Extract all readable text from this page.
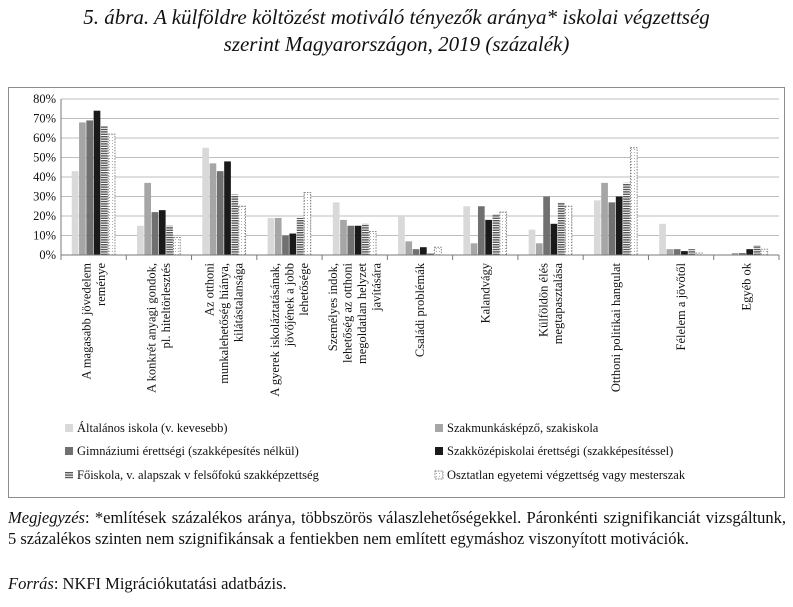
5. ábra. A külföldre költözést motiváló tényezők aránya* iskolai végzettség
szerint Magyarországon, 2019 (százalék)
0%
10%
20%
30%
40%
50%
60%
70%
80%
A magasabb jövedelem reménye	A konkrét anyagi gondok, pl. hiteltörlesztés Az otthoni munkalehetőség hiánya, kilátástalansága A gyerek iskoláztatásának, jövőjének a jobb lehetősége Személyes indok, lehetőség az otthoni megoldatlan helyzet javítására Családi problémák	Kalandvágy	Külföldön élés megtapasztalása	Otthoni politikai hangulat	Félelem a jövőtől	Egyéb ok
Általános iskola (v. kevesebb)	Szakmunkásképző, szakiskola
Gimnáziumi érettségi (szakképesítés nélkül)	Szakközépiskolai érettségi (szakképesítéssel)
Főiskola, v. alapszak v felsőfokú szakképzettség	Osztatlan egyetemi végzettség vagy mesterszak
Megjegyzés: *említések százalékos aránya, többszörös válaszlehetőségekkel. Páronkénti szignifikanciát vizsgáltunk, 5 százalékos szinten nem szignifikánsak a fentiekben nem említett egymáshoz viszonyított motivációk.
Forrás: NKFI Migrációkutatási adatbázis.
